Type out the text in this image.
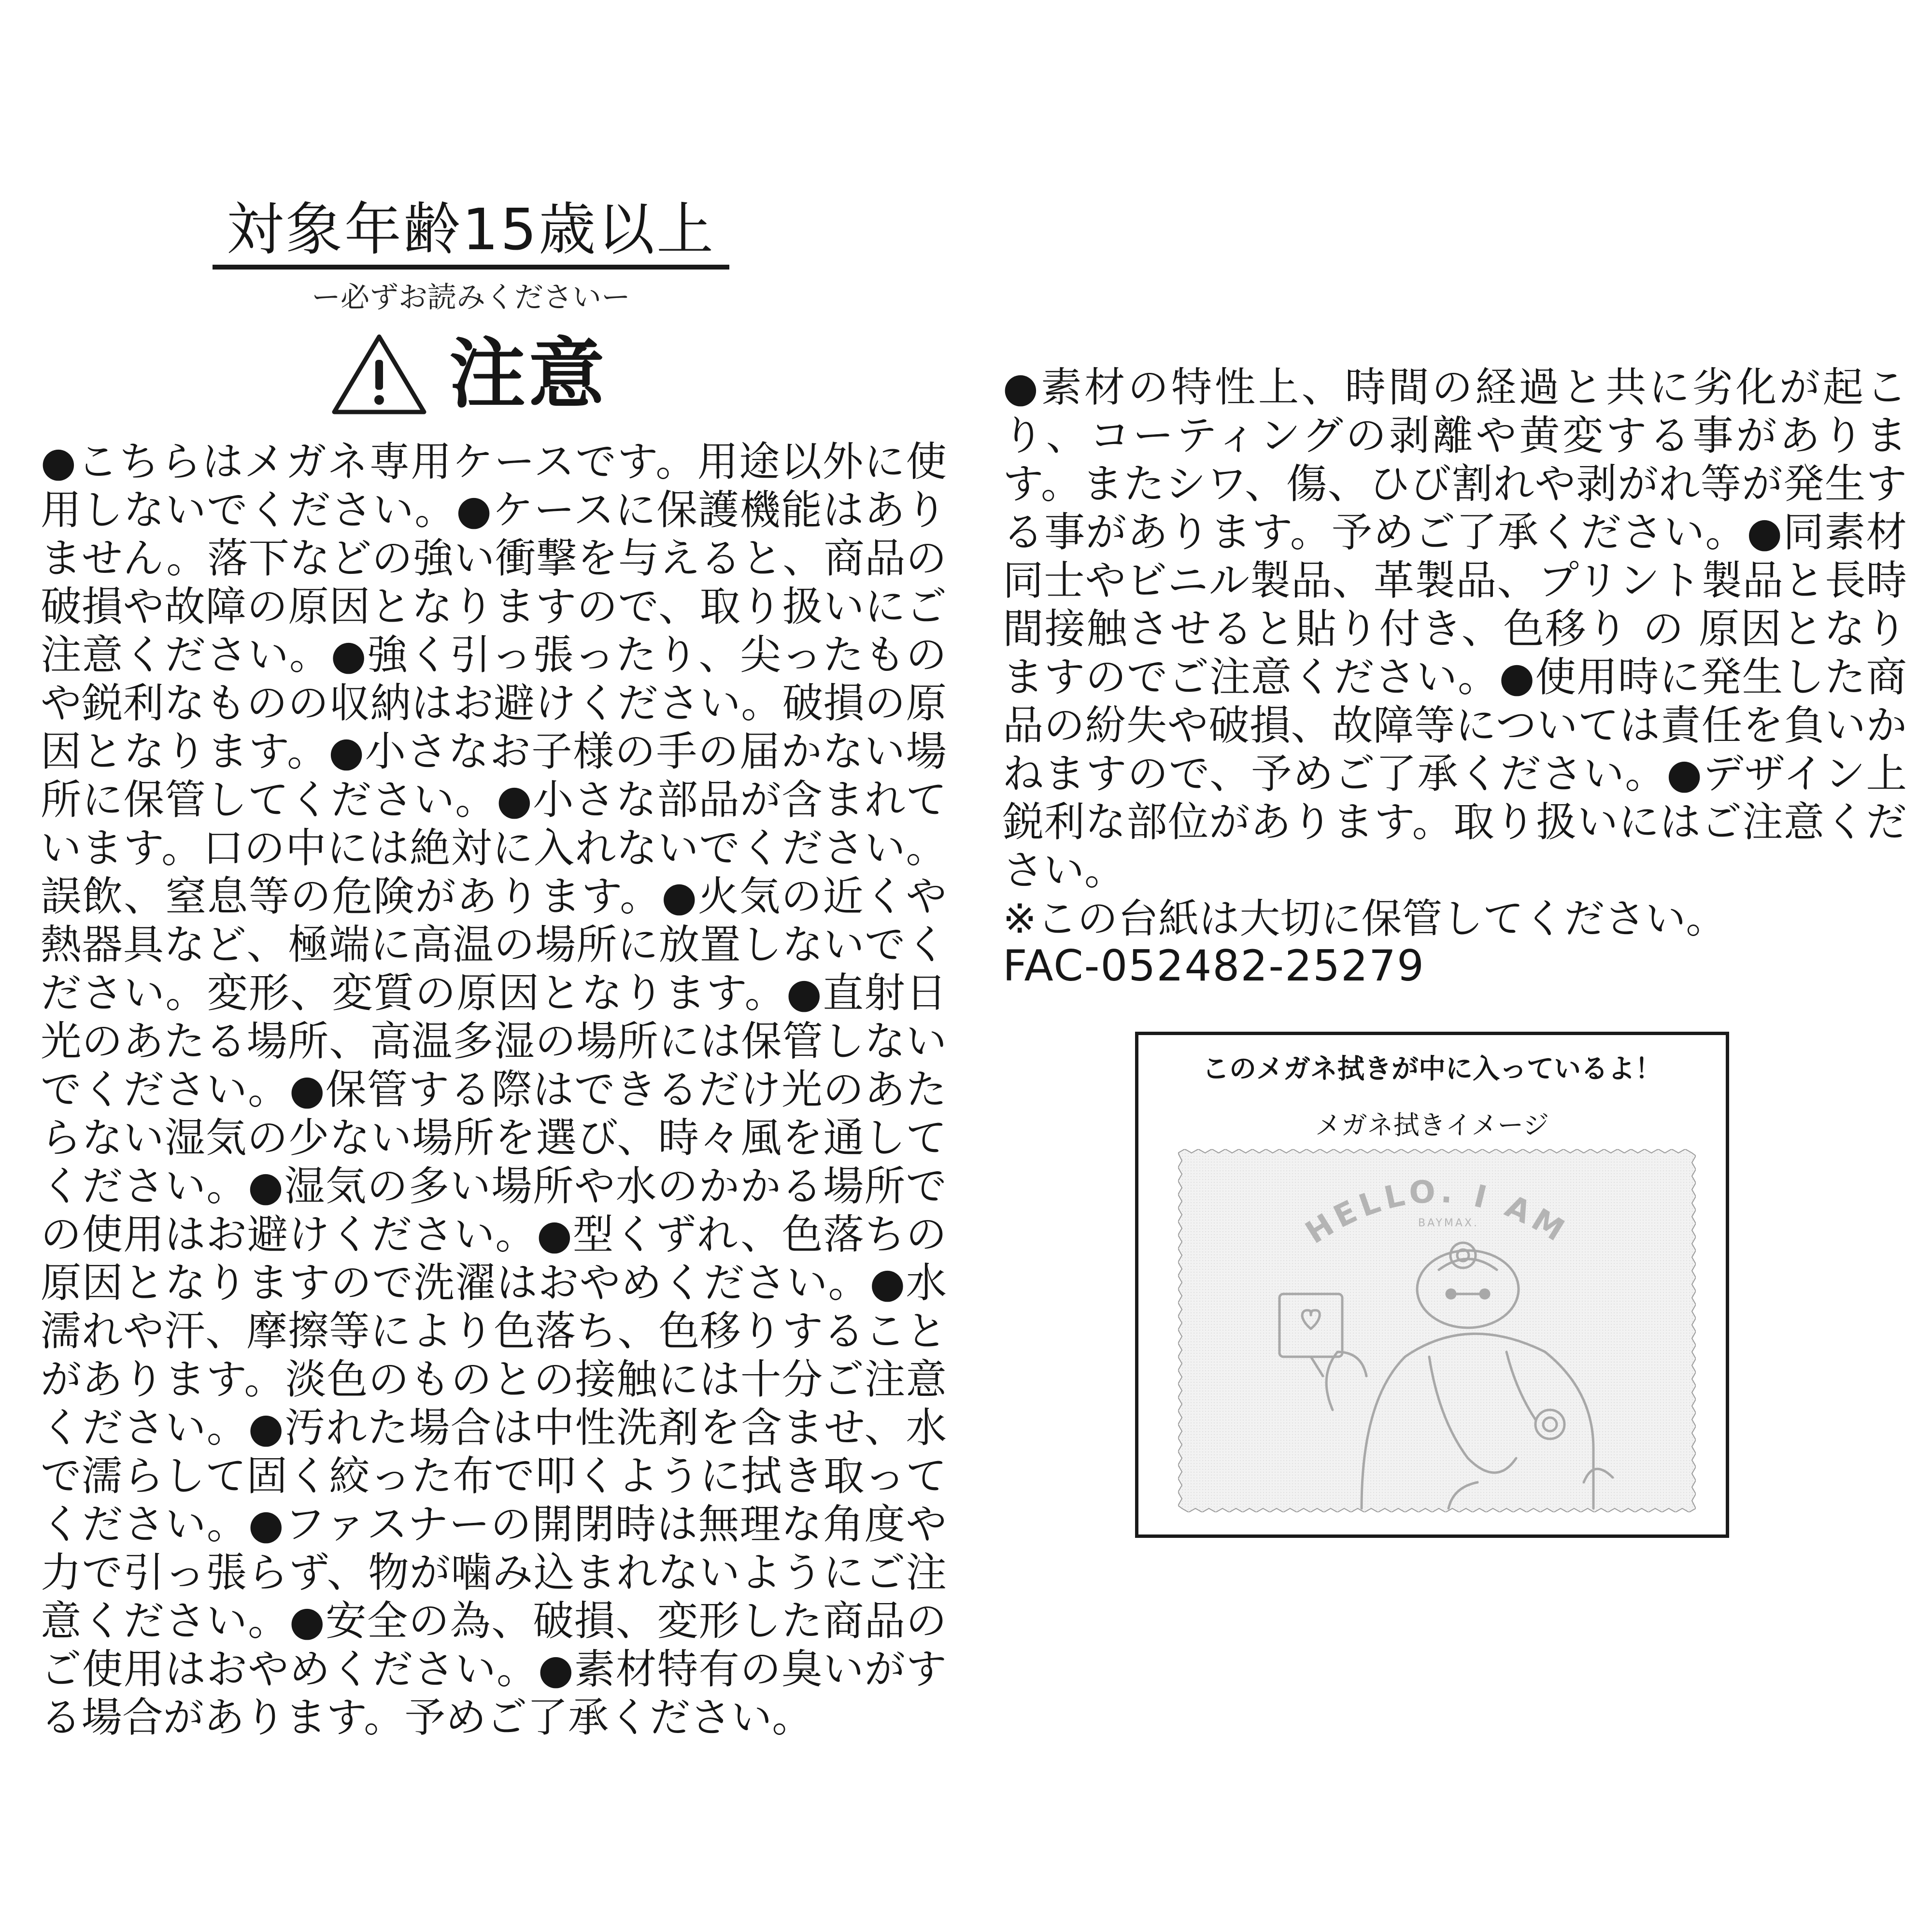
対象年齢15歳以上
ー必ずお読みくださいー
注意
●こちらはメガネ専用ケースです。用途以外に使用しないでください。●ケースに保護機能はありません。落下などの強い衝撃を与えると、商品の破損や故障の原因となりますので、取り扱いにご注意ください。●強く引っ張ったり、尖ったものや鋭利なものの収納はお避けください。破損の原因となります。●小さなお子様の手の届かない場所に保管してください。●小さな部品が含まれています。口の中には絶対に入れないでください。誤飲、窒息等の危険があります。●火気の近くや熱器具など、極端に高温の場所に放置しないでください。変形、変質の原因となります。●直射日光のあたる場所、高温多湿の場所には保管しないでください。●保管する際はできるだけ光のあたらない湿気の少ない場所を選び、時々風を通してください。●湿気の多い場所や水のかかる場所での使用はお避けください。●型くずれ、色落ちの原因となりますので洗濯はおやめください。●水濡れや汗、摩擦等により色落ち、色移りすることがあります。淡色のものとの接触には十分ご注意ください。●汚れた場合は中性洗剤を含ませ、水で濡らして固く絞った布で叩くように拭き取ってください。●ファスナーの開閉時は無理な角度や力で引っ張らず、物が噛み込まれないようにご注意ください。●安全の為、破損、変形した商品のご使用はおやめください。●素材特有の臭いがする場合があります。予めご了承ください。
●素材の特性上、時間の経過と共に劣化が起こり、コーティングの剥離や黄変する事があります。またシワ、傷、ひび割れや剥がれ等が発生する事があります。予めご了承ください。●同素材同士やビニル製品、革製品、プリント製品と長時間接触させると貼り付き、色移り の 原因となりますのでご注意ください。●使用時に発生した商品の紛失や破損、故障等については責任を負いかねますので、予めご了承ください。●デザイン上鋭利な部位があります。取り扱いにはご注意ください。
※この台紙は大切に保管してください。
FAC-052482-25279
このメガネ拭きが中に入っているよ！
メガネ拭きイメージ
HELLO. I AM
BAYMAX.
